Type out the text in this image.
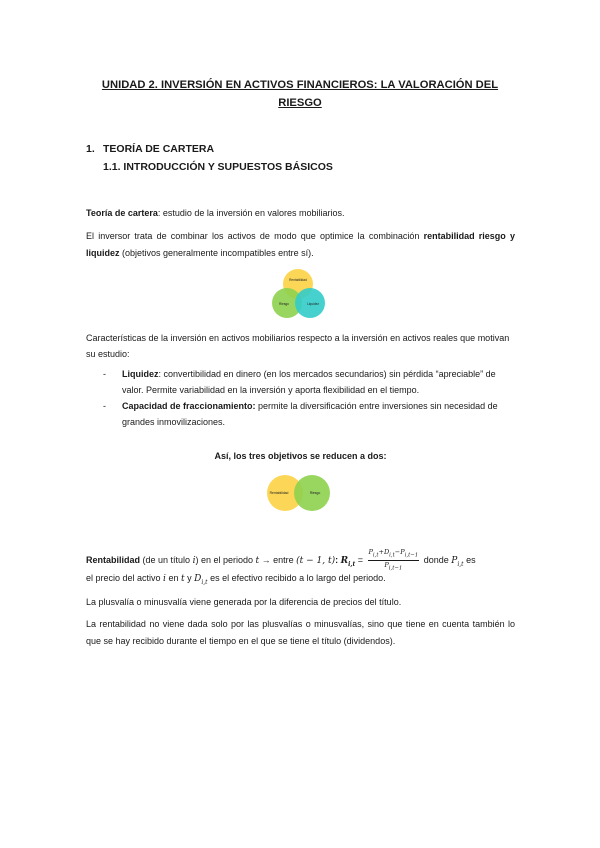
UNIDAD 2. INVERSIÓN EN ACTIVOS FINANCIEROS: LA VALORACIÓN DEL
RIESGO
1. TEORÍA DE CARTERA
1.1. INTRODUCCIÓN Y SUPUESTOS BÁSICOS
Teoría de cartera: estudio de la inversión en valores mobiliarios.
El inversor trata de combinar los activos de modo que optimice la combinación rentabilidad riesgo y liquidez (objetivos generalmente incompatibles entre sí).
Rentabilidad
Riesgo	Liquidez
Características de la inversión en activos mobiliarios respecto a la inversión en activos reales que motivan su estudio:
- Liquidez: convertibilidad en dinero (en los mercados secundarios) sin pérdida “apreciable” de valor. Permite variabilidad en la inversión y aporta flexibilidad en el tiempo.
- Capacidad de fraccionamiento: permite la diversificación entre inversiones sin necesidad de grandes inmovilizaciones.
Así, los tres objetivos se reducen a dos:
Rentabilidad	Riesgo
Rentabilidad (de un título i) en el periodo t → entre (t − 1, t): $R_{i,t} = \frac{P_{i,t}+D_{i,t}-P_{i,t-1}}{P_{i,t-1}}$ donde $P_{i,t}$ es
el precio del activo i en t y $D_{i,t}$ es el efectivo recibido a lo largo del periodo.
La plusvalía o minusvalía viene generada por la diferencia de precios del título.
La rentabilidad no viene dada solo por las plusvalías o minusvalías, sino que tiene en cuenta también lo que se hay recibido durante el tiempo en el que se tiene el título (dividendos).
